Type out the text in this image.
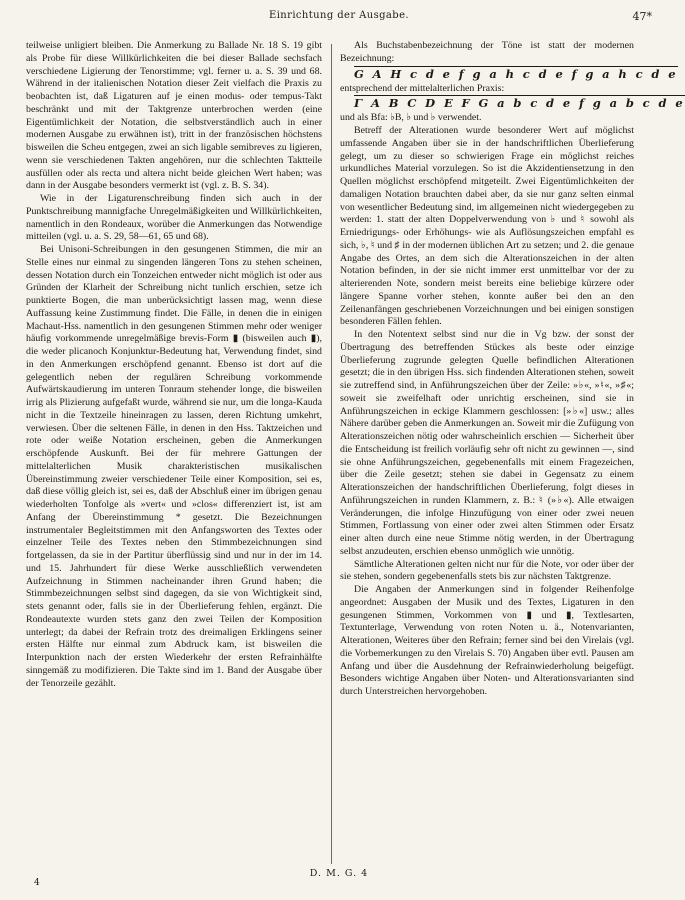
Einrichtung der Ausgabe.	47*

teilweise unligiert bleiben. Die Anmerkung zu Ballade Nr. 18 S. 19 gibt als Probe für diese Willkürlichkeiten die bei dieser Ballade sechsfach verschiedene Ligierung der Tenorstimme; vgl. ferner u. a. S. 39 und 68. Während in der italienischen Notation dieser Zeit vielfach die Praxis zu beobachten ist, daß Ligaturen auf je einen modus- oder tempus-Takt beschränkt und mit der Taktgrenze unterbrochen werden (eine Eigentümlichkeit der Notation, die selbstverständlich auch in einer modernen Ausgabe zu erwähnen ist), tritt in der französischen höchstens bisweilen die Scheu entgegen, zwei an sich ligable semibreves zu ligieren, wenn sie verschiedenen Takten angehören, nur die schlechten Taktteile ausfüllen oder als recta und altera nicht beide gleichen Wert haben; was dann in der Ausgabe besonders vermerkt ist (vgl. z. B. S. 34).

Wie in der Ligaturenschreibung finden sich auch in der Punktschreibung mannigfache Unregelmäßigkeiten und Willkürlichkeiten, namentlich in den Rondeaux, worüber die Anmerkungen das Notwendige mitteilen (vgl. u. a. S. 29, 58—61, 65 und 68).

Bei Unisoni-Schreibungen in den gesungenen Stimmen, die mir an Stelle eines nur einmal zu singenden längeren Tons zu stehen scheinen, dessen Notation durch ein Tonzeichen entweder nicht möglich ist oder aus Gründen der Klarheit der Schreibung nicht tunlich erschien, setze ich punktierte Bogen, die man unberücksichtigt lassen mag, wenn diese Auffassung keine Zustimmung findet. Die Fälle, in denen die in einigen Machaut-Hss. namentlich in den gesungenen Stimmen mehr oder weniger häufig vorkommende unregelmäßige brevis-Form ▮ (bisweilen auch ▮), die weder plicanoch Konjunktur-Bedeutung hat, Verwendung findet, sind in den Anmerkungen erschöpfend genannt. Ebenso ist dort auf die gelegentlich neben der regulären Schreibung vorkommende Aufwärtskaudierung im unteren Tonraum stehender longe, die bisweilen irrig als Plizierung aufgefaßt wurde, während sie nur, um die longa-Kauda nicht in die Textzeile hineinragen zu lassen, deren Richtung umkehrt, verwiesen. Über die seltenen Fälle, in denen in den Hss. Taktzeichen und rote oder weiße Notation erscheinen, geben die Anmerkungen erschöpfende Auskunft. Bei der für mehrere Gattungen der mittelalterlichen Musik charakteristischen musikalischen Übereinstimmung zweier verschiedener Teile einer Komposition, sei es, daß diese völlig gleich ist, sei es, daß der Abschluß einer im übrigen genau wiederholten Tonfolge als »vert« und »clos« differenziert ist, ist am Anfang der Übereinstimmung * gesetzt. Die Bezeichnungen instrumentaler Begleitstimmen mit den Anfangsworten des Textes oder einzelner Teile des Textes neben den Stimmbezeichnungen sind fortgelassen, da sie in der Partitur überflüssig sind und nur in der im 14. und 15. Jahrhundert für diese Werke ausschließlich verwendeten Aufzeichnung in Stimmen nacheinander ihren Grund haben; die Stimmbezeichnungen selbst sind dagegen, da sie von Wichtigkeit sind, stets genannt oder, falls sie in der Überlieferung fehlen, ergänzt. Die Rondeautexte wurden stets ganz den zwei Teilen der Komposition unterlegt; da dabei der Refrain trotz des dreimaligen Erklingens seiner ersten Hälfte nur einmal zum Abdruck kam, ist bisweilen die Interpunktion nach der ersten Wiederkehr der ersten Refrainhälfte sinngemäß zu modifizieren. Die Takte sind im 1. Band der Ausgabe über der Tenorzeile gezählt.

Als Buchstabenbezeichnung der Töne ist statt der modernen Bezeichnung:

G A H c d e f g a h c d e f g a h c d e

entsprechend der mittelalterlichen Praxis:

Γ A B C D E F G a b c d e f g a b c d e

und als Bfa: ♭B, ♭ und ♭ verwendet.

Betreff der Alterationen wurde besonderer Wert auf möglichst umfassende Angaben über sie in der handschriftlichen Überlieferung gelegt, um zu dieser so schwierigen Frage ein möglichst reiches urkundliches Material vorzulegen. So ist die Akzidentiensetzung in den Quellen möglichst erschöpfend mitgeteilt. Zwei Eigentümlichkeiten der damaligen Notation brauchten dabei aber, da sie nur ganz selten einmal von wesentlicher Bedeutung sind, im allgemeinen nicht wiedergegeben zu werden: 1. statt der alten Doppelverwendung von ♭ und ♮ sowohl als Erniedrigungs- oder Erhöhungs- wie als Auflösungszeichen empfahl es sich, ♭, ♮ und ♯ in der modernen üblichen Art zu setzen; und 2. die genaue Angabe des Ortes, an dem sich die Alterationszeichen in der alten Notation befinden, in der sie nicht immer erst unmittelbar vor der zu alterierenden Note, sondern meist bereits eine beliebige kürzere oder längere Spanne vorher stehen, konnte außer bei den an den Zeilenanfängen geschriebenen Vorzeichnungen und bei einigen sonstigen besonderen Fällen fehlen.

In den Notentext selbst sind nur die in Vg bzw. der sonst der Übertragung des betreffenden Stückes als beste oder einzige Überlieferung zugrunde gelegten Quelle befindlichen Alterationen gesetzt; die in den übrigen Hss. sich findenden Alterationen stehen, soweit sie zutreffend sind, in Anführungszeichen über der Zeile: »♭«, »♮«, »♯«; soweit sie zweifelhaft oder unrichtig erscheinen, sind sie in Anführungszeichen in eckige Klammern geschlossen: [»♭«] usw.; alles Nähere darüber geben die Anmerkungen an. Soweit mir die Zufügung von Alterationszeichen nötig oder wahrscheinlich erschien — Sicherheit über die Entscheidung ist freilich vorläufig sehr oft nicht zu gewinnen —, sind sie ohne Anführungszeichen, gegebenenfalls mit einem Fragezeichen, über die Zeile gesetzt; stehen sie dabei in Gegensatz zu einem Alterationszeichen der handschriftlichen Überlieferung, folgt dieses in Anführungszeichen in runden Klammern, z. B.: ♮ (»♭«). Alle etwaigen Veränderungen, die infolge Hinzufügung von einer oder zwei neuen Stimmen, Fortlassung von einer oder zwei alten Stimmen oder Ersatz einer alten durch eine neue Stimme nötig werden, in der Übertragung selbst anzudeuten, erschien ebenso unmöglich wie unnötig.

Sämtliche Alterationen gelten nicht nur für die Note, vor oder über der sie stehen, sondern gegebenenfalls stets bis zur nächsten Taktgrenze.

Die Angaben der Anmerkungen sind in folgender Reihenfolge angeordnet: Ausgaben der Musik und des Textes, Ligaturen in den gesungenen Stimmen, Vorkommen von ▮ und ▮, Textlesarten, Textunterlage, Verwendung von roten Noten u. ä., Notenvarianten, Alterationen, Weiteres über den Refrain; ferner sind bei den Virelais (vgl. die Vorbemerkungen zu den Virelais S. 70) Angaben über evtl. Pausen am Anfang und über die Ausdehnung der Refrainwiederholung beigefügt. Besonders wichtige Angaben über Noten- und Alterationsvarianten sind durch Unterstreichen hervorgehoben.

D. M. G. 4
4
